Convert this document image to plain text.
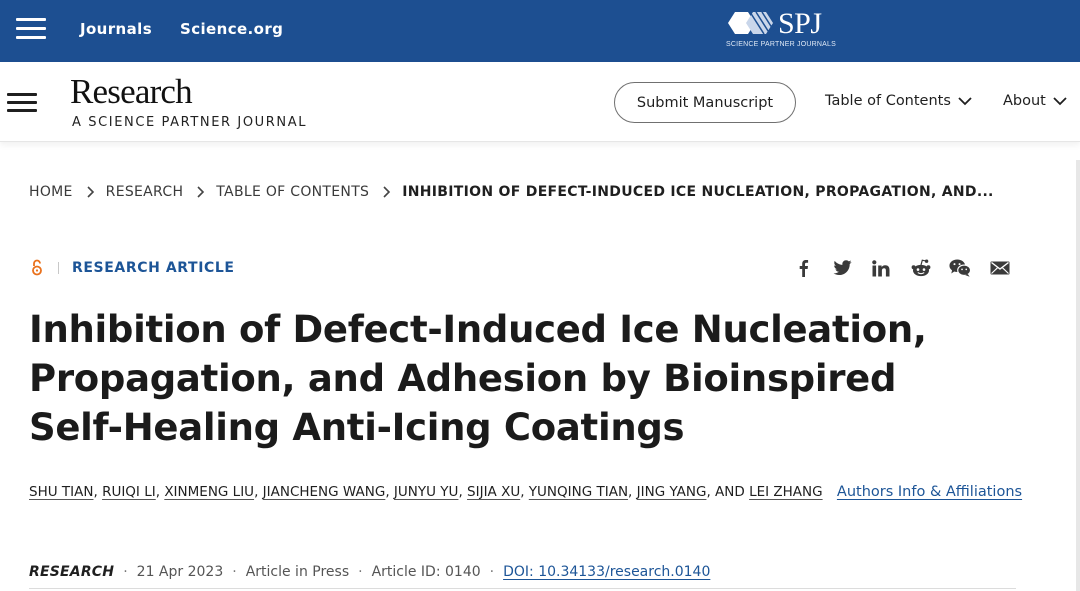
Journals Science.org	SPJ
SCIENCE PARTNER JOURNALS
Research
A SCIENCE PARTNER JOURNAL
Submit Manuscript	Table of Contents	About
HOME RESEARCH TABLE OF CONTENTS INHIBITION OF DEFECT-INDUCED ICE NUCLEATION, PROPAGATION, AND...
RESEARCH ARTICLE
Inhibition of Defect-Induced Ice Nucleation, Propagation, and Adhesion by Bioinspired Self-Healing Anti-Icing Coatings
SHU TIAN, RUIQI LI, XINMENG LIU, JIANCHENG WANG, JUNYU YU, SIJIA XU, YUNQING TIAN, JING YANG, AND LEI ZHANG Authors Info & Affiliations
RESEARCH · 21 Apr 2023 · Article in Press · Article ID: 0140 · DOI: 10.34133/research.0140
